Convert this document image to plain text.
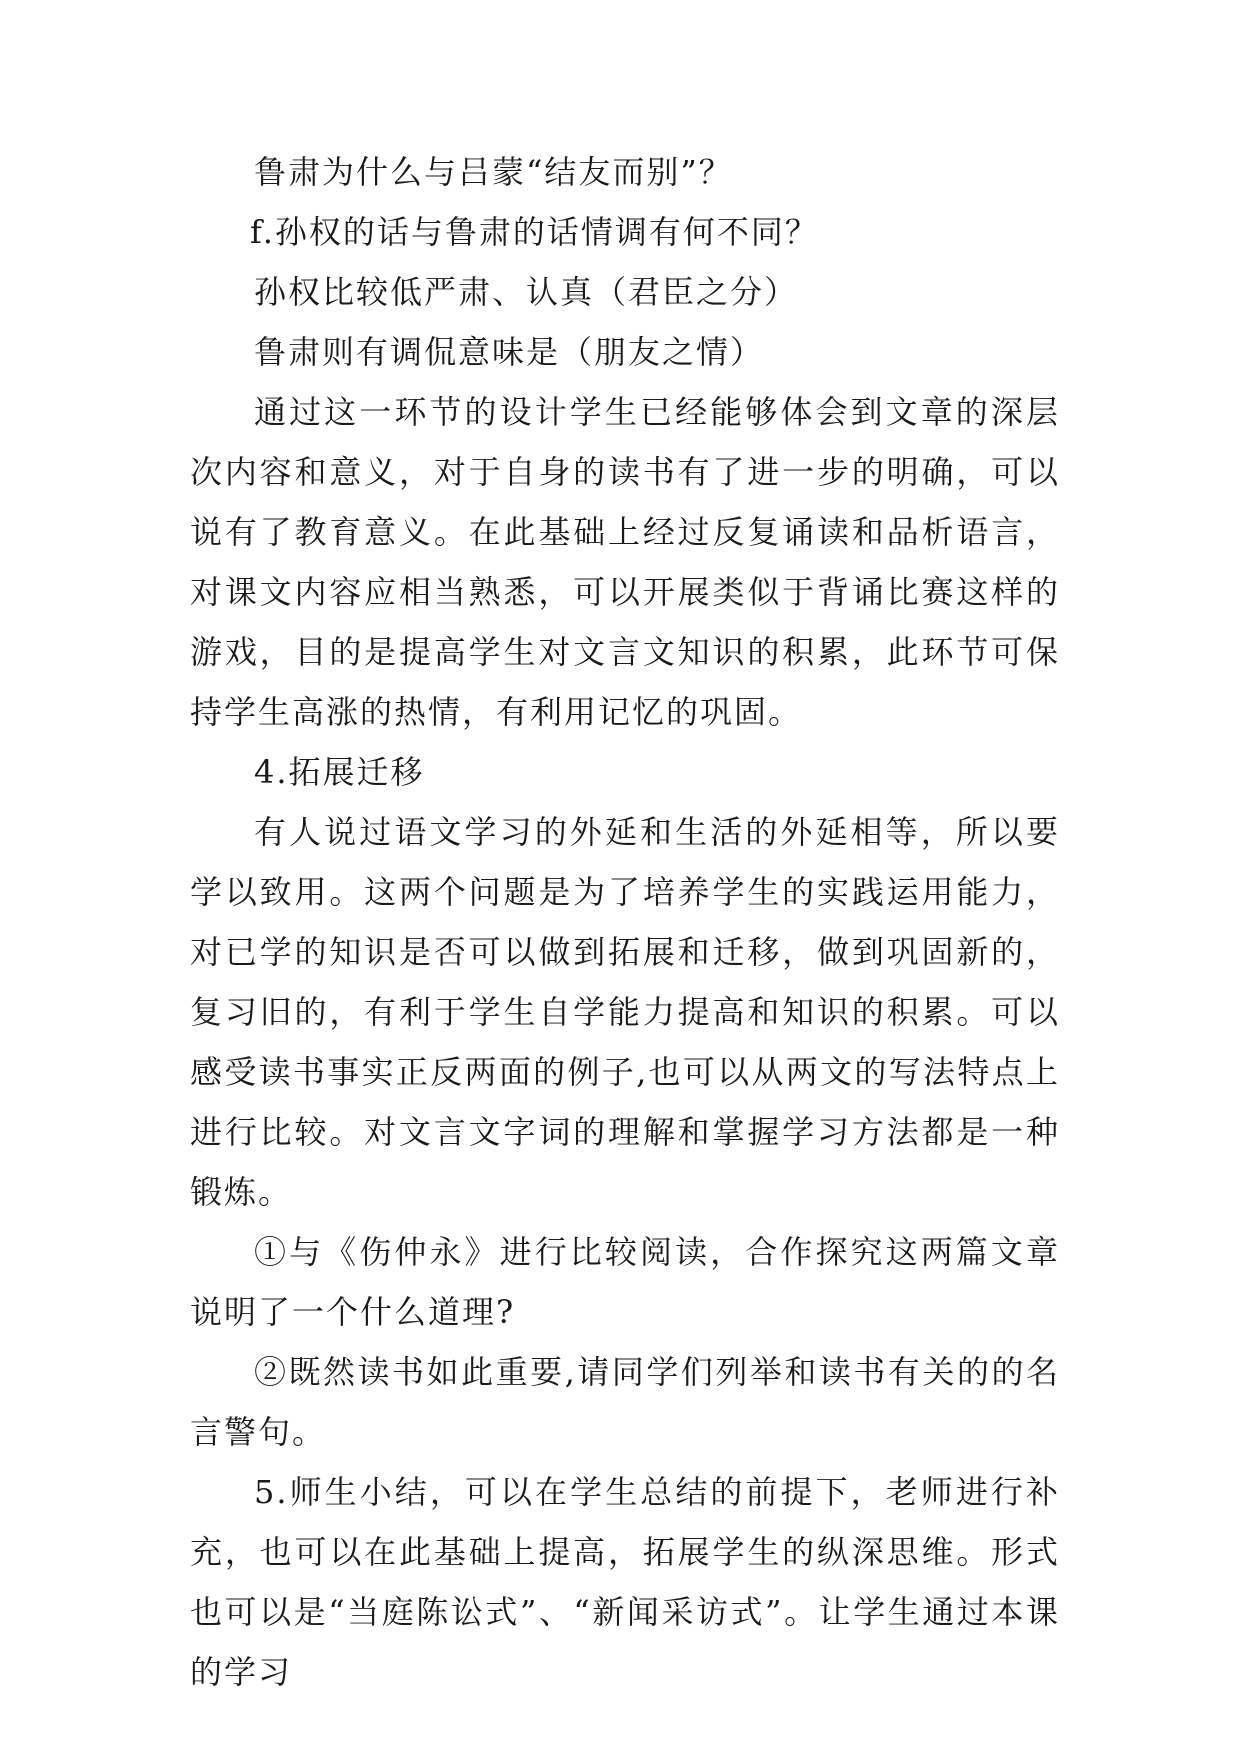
鲁肃为什么与吕蒙“结友而别”？

f.孙权的话与鲁肃的话情调有何不同？

孙权比较低严肃、认真（君臣之分）

鲁肃则有调侃意味是（朋友之情）

通过这一环节的设计学生已经能够体会到文章的深层次内容和意义，对于自身的读书有了进一步的明确，可以说有了教育意义。在此基础上经过反复诵读和品析语言，对课文内容应相当熟悉，可以开展类似于背诵比赛这样的游戏，目的是提高学生对文言文知识的积累，此环节可保持学生高涨的热情，有利用记忆的巩固。

4.拓展迁移

有人说过语文学习的外延和生活的外延相等，所以要学以致用。这两个问题是为了培养学生的实践运用能力，对已学的知识是否可以做到拓展和迁移，做到巩固新的，复习旧的，有利于学生自学能力提高和知识的积累。可以感受读书事实正反两面的例子,也可以从两文的写法特点上进行比较。对文言文字词的理解和掌握学习方法都是一种锻炼。

①与《伤仲永》进行比较阅读，合作探究这两篇文章说明了一个什么道理?

②既然读书如此重要,请同学们列举和读书有关的的名言警句。

5.师生小结，可以在学生总结的前提下，老师进行补充，也可以在此基础上提高，拓展学生的纵深思维。形式也可以是“当庭陈讼式”、“新闻采访式”。让学生通过本课的学习
